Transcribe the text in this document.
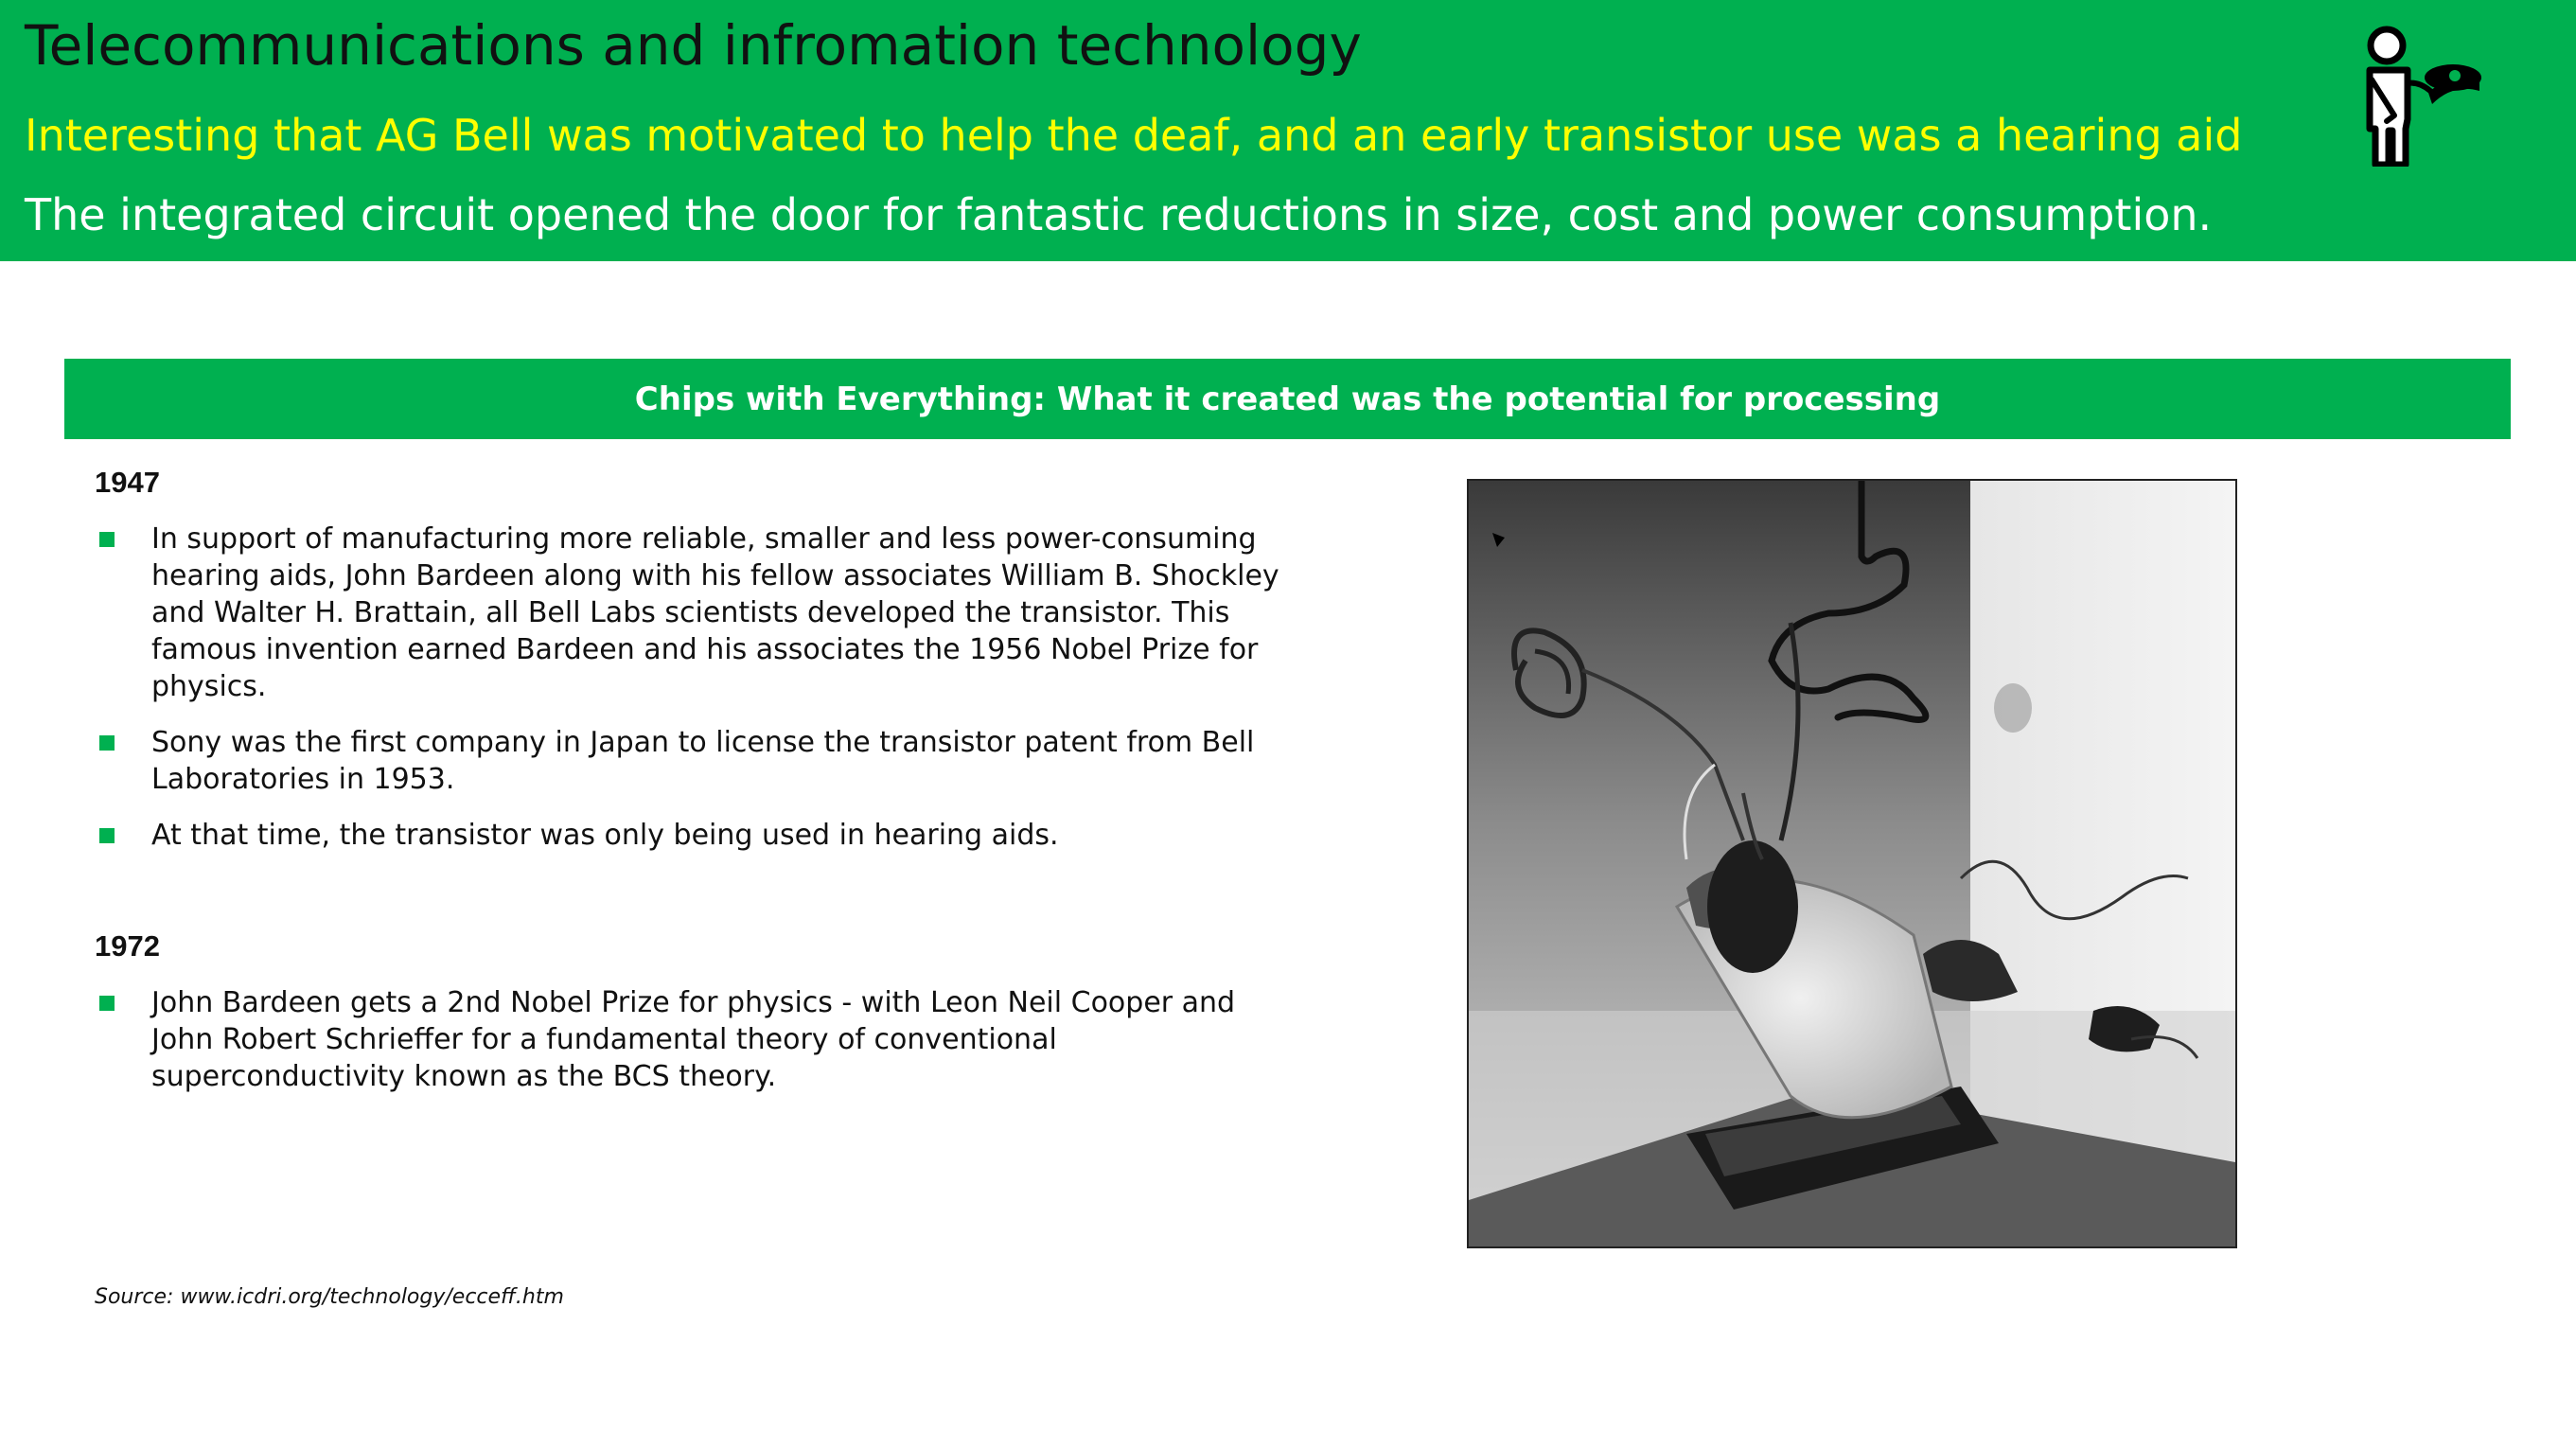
Telecommunications and infromation technology
Interesting that AG Bell was motivated to help the deaf, and an early transistor use was a hearing aid
The integrated circuit opened the door for fantastic reductions in size, cost and power consumption.
Chips with Everything: What it created was the potential for processing
1947
In support of manufacturing more reliable, smaller and less power-consuming hearing aids, John Bardeen along with his fellow associates William B. Shockley and Walter H. Brattain, all Bell Labs scientists developed the transistor. This famous invention earned Bardeen and his associates the 1956 Nobel Prize for physics.
Sony was the first company in Japan to license the transistor patent from Bell Laboratories in 1953.
At that time, the transistor was only being used in hearing aids.
1972
John Bardeen gets a 2nd Nobel Prize for physics - with Leon Neil Cooper and John Robert Schrieffer for a fundamental theory of conventional superconductivity known as the BCS theory.
Source: www.icdri.org/technology/ecceff.htm
